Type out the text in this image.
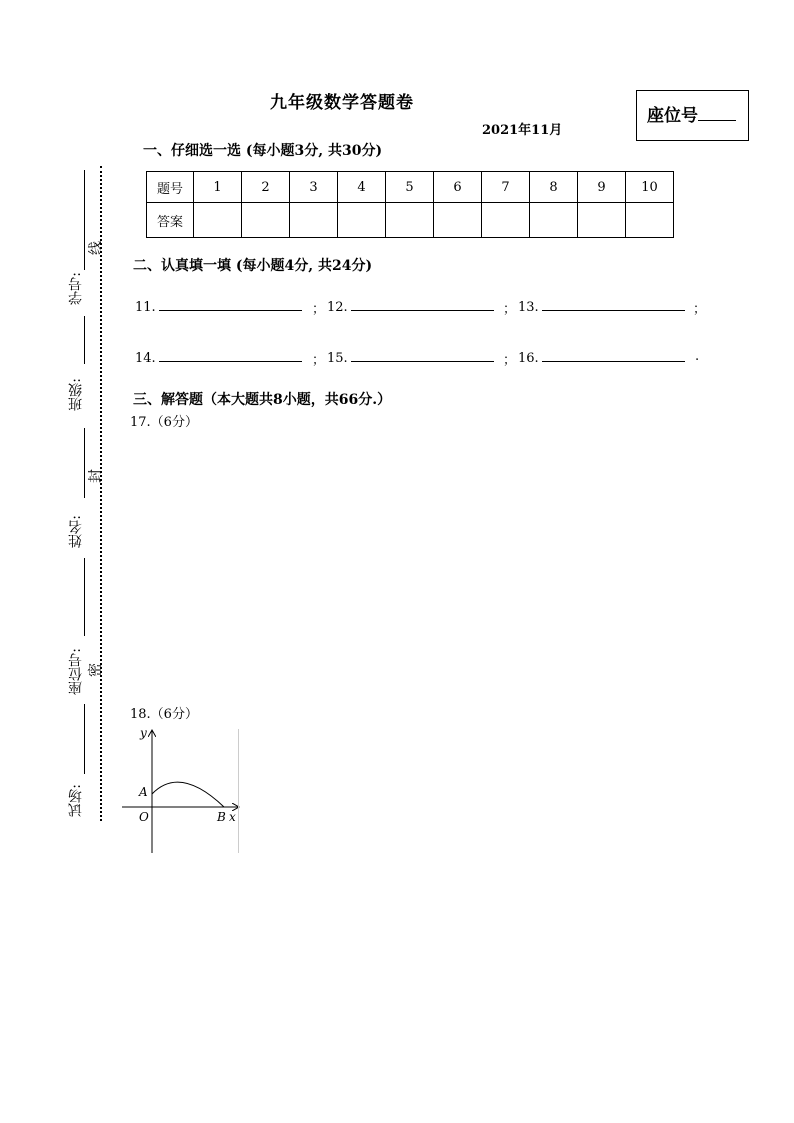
九年级数学答题卷
2021年11月
座位号
一、仔细选一选 (每小题3分, 共30分)
题号	1	2	3	4	5	6	7	8	9	10
答案										
二、认真填一填 (每小题4分, 共24分)
11.	； 12.	； 13.	；
14.	； 15.	； 16.	.
三、解答题（本大题共8小题，共66分.）
17.（6分）
18.（6分）
y
x
O
A
B
学号:
班级:
姓名:
座位号:
试场:
线
封
密
